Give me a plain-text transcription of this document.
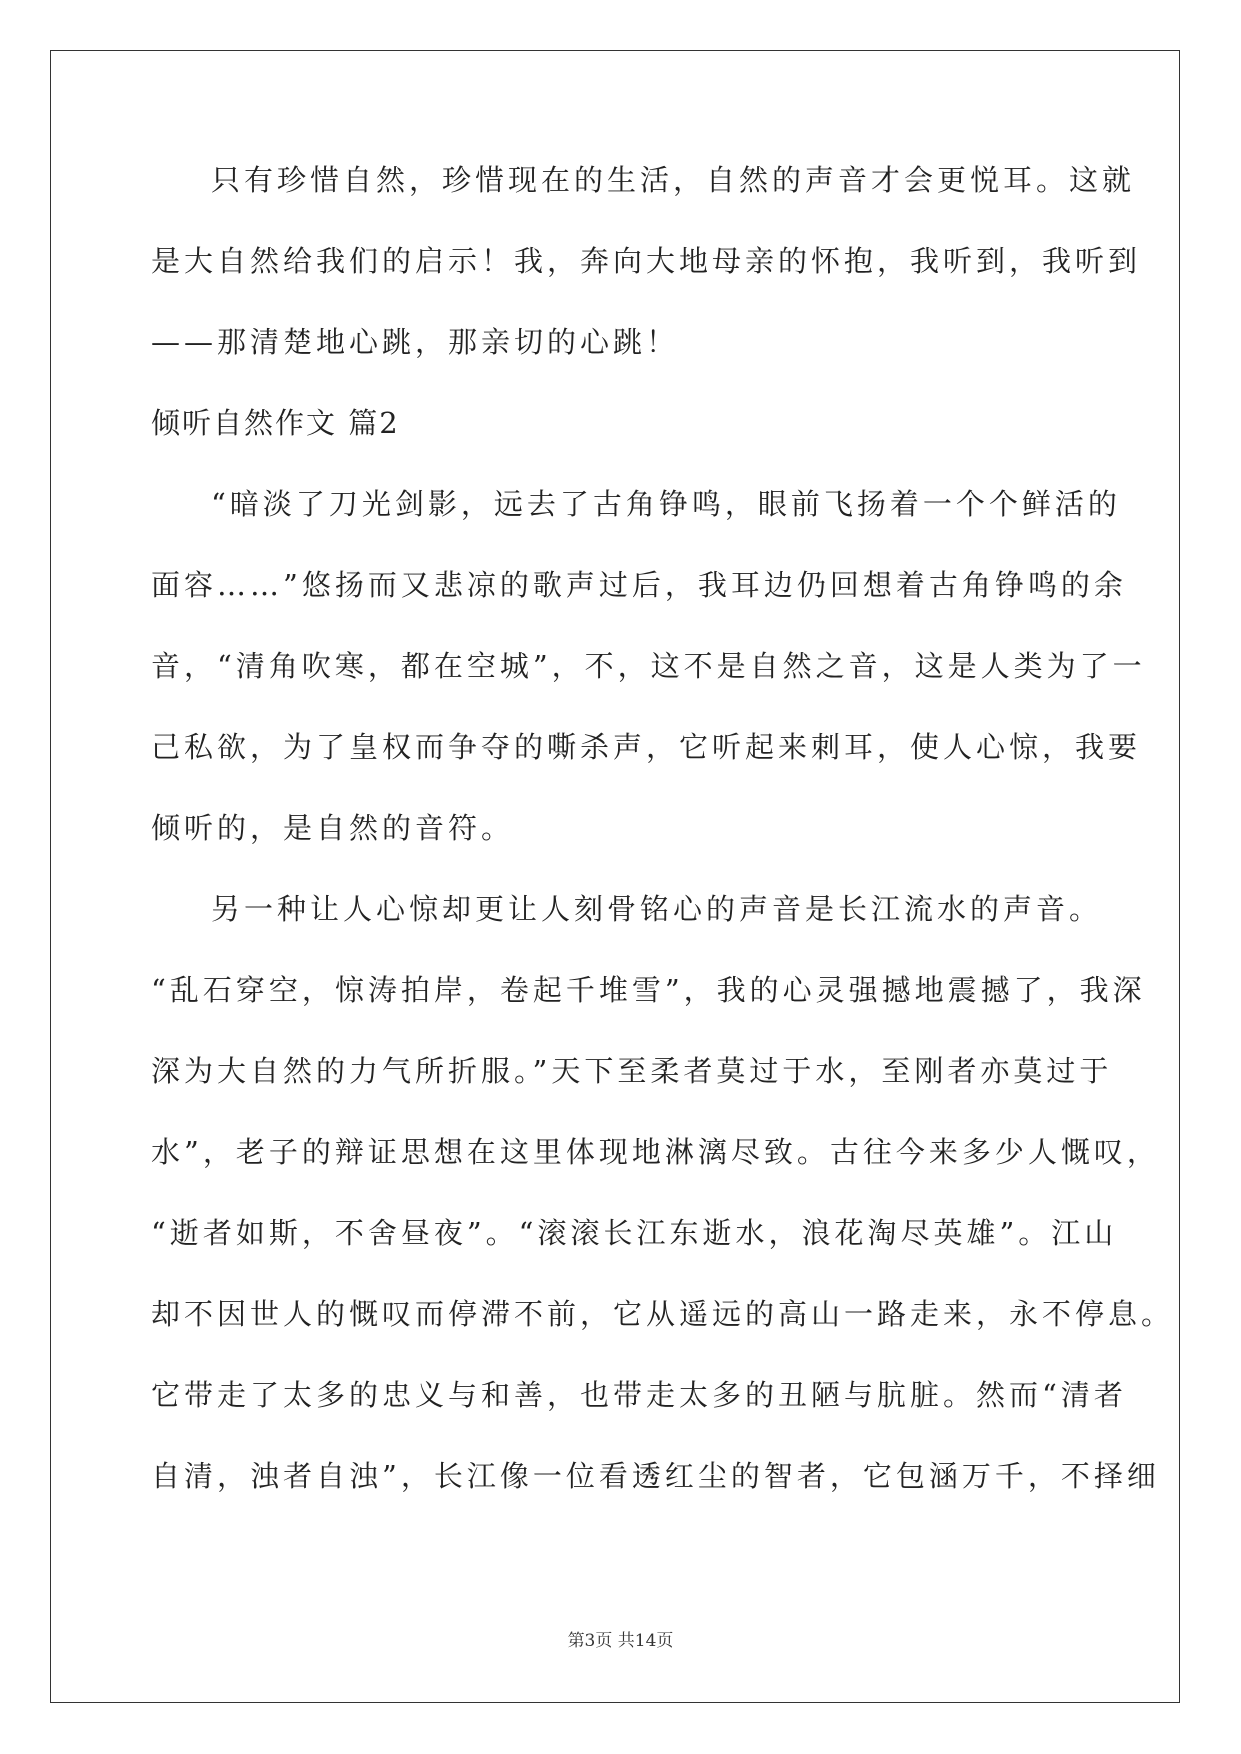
只有珍惜自然，珍惜现在的生活，自然的声音才会更悦耳。这就
是大自然给我们的启示！我，奔向大地母亲的怀抱，我听到，我听到
——那清楚地心跳，那亲切的心跳！
倾听自然作文 篇2
“暗淡了刀光剑影，远去了古角铮鸣，眼前飞扬着一个个鲜活的
面容……”悠扬而又悲凉的歌声过后，我耳边仍回想着古角铮鸣的余
音，“清角吹寒，都在空城”，不，这不是自然之音，这是人类为了一
己私欲，为了皇权而争夺的嘶杀声，它听起来刺耳，使人心惊，我要
倾听的，是自然的音符。
另一种让人心惊却更让人刻骨铭心的声音是长江流水的声音。
“乱石穿空，惊涛拍岸，卷起千堆雪”，我的心灵强撼地震撼了，我深
深为大自然的力气所折服。”天下至柔者莫过于水，至刚者亦莫过于
水”，老子的辩证思想在这里体现地淋漓尽致。古往今来多少人慨叹，
“逝者如斯，不舍昼夜”。“滚滚长江东逝水，浪花淘尽英雄”。江山
却不因世人的慨叹而停滞不前，它从遥远的高山一路走来，永不停息。
它带走了太多的忠义与和善，也带走太多的丑陋与肮脏。然而“清者
自清，浊者自浊”，长江像一位看透红尘的智者，它包涵万千，不择细
第3页 共14页
